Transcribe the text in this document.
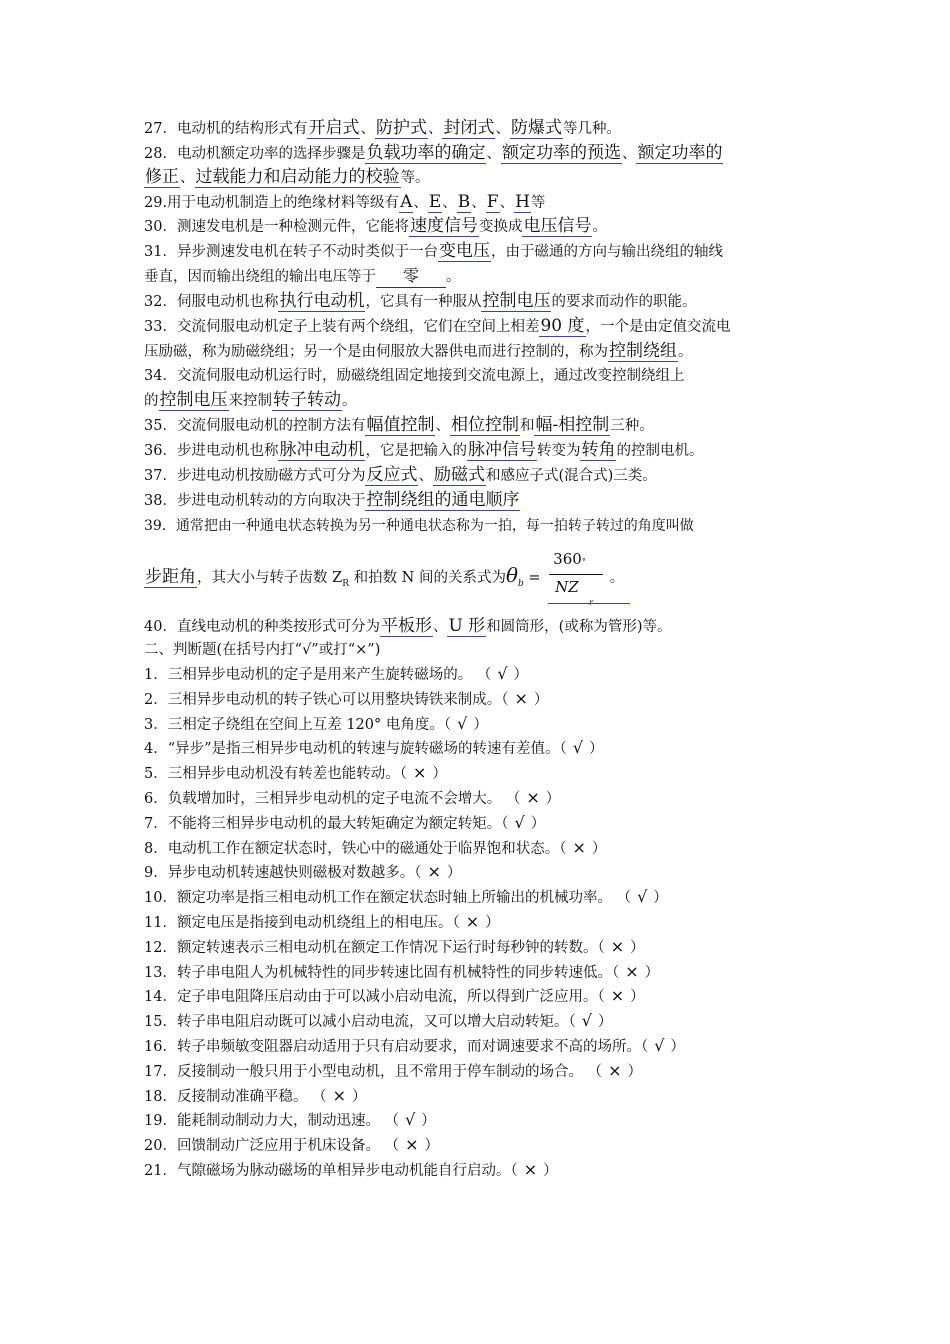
27．电动机的结构形式有开启式、防护式、封闭式、防爆式等几种。
28．电动机额定功率的选择步骤是负载功率的确定、额定功率的预选、额定功率的
修正、过载能力和启动能力的校验等。
29.用于电动机制造上的绝缘材料等级有A、E、B、F、H等
30．测速发电机是一种检测元件，它能将速度信号变换成电压信号。
31．异步测速发电机在转子不动时类似于一台变电压，由于磁通的方向与输出绕组的轴线
垂直，因而输出绕组的输出电压等于 零 。
32．伺服电动机也称执行电动机，它具有一种服从控制电压的要求而动作的职能。
33．交流伺服电动机定子上装有两个绕组，它们在空间上相差90 度，一个是由定值交流电
压励磁，称为励磁绕组；另一个是由伺服放大器供电而进行控制的，称为控制绕组。
34．交流伺服电动机运行时，励磁绕组固定地接到交流电源上，通过改变控制绕组上
的控制电压来控制转子转动。
35．交流伺服电动机的控制方法有幅值控制、相位控制和幅-相控制三种。
36．步进电动机也称脉冲电动机，它是把输入的脉冲信号转变为转角的控制电机。
37．步进电动机按励磁方式可分为反应式、励磁式和感应子式(混合式)三类。
38．步进电动机转动的方向取决于控制绕组的通电顺序
39．通常把由一种通电状态转换为另一种通电状态称为一拍，每一拍转子转过的角度叫做
步距角，其大小与转子齿数 $Z_R$ 和拍数 N 间的关系式为$\theta_b$ =
360°
NZ
r
。
40．直线电动机的种类按形式可分为平板形、U 形和圆筒形，(或称为管形)等。
二、判断题(在括号内打“√”或打“×”)
1．三相异步电动机的定子是用来产生旋转磁场的。 （ √ ）
2．三相异步电动机的转子铁心可以用整块铸铁来制成。（ × ）
3．三相定子绕组在空间上互差 120° 电角度。（ √ ）
4．“异步”是指三相异步电动机的转速与旋转磁场的转速有差值。（ √ ）
5．三相异步电动机没有转差也能转动。（ × ）
6．负载增加时，三相异步电动机的定子电流不会增大。 （ × ）
7．不能将三相异步电动机的最大转矩确定为额定转矩。（ √ ）
8．电动机工作在额定状态时，铁心中的磁通处于临界饱和状态。（ × ）
9．异步电动机转速越快则磁极对数越多。（ × ）
10．额定功率是指三相电动机工作在额定状态时轴上所输出的机械功率。 （ √ ）
11．额定电压是指接到电动机绕组上的相电压。（ × ）
12．额定转速表示三相电动机在额定工作情况下运行时每秒钟的转数。（ × ）
13．转子串电阻人为机械特性的同步转速比固有机械特性的同步转速低。（ × ）
14．定子串电阻降压启动由于可以减小启动电流，所以得到广泛应用。（ × ）
15．转子串电阻启动既可以减小启动电流，又可以增大启动转矩。（ √ ）
16．转子串频敏变阻器启动适用于只有启动要求，而对调速要求不高的场所。（ √ ）
17．反接制动一般只用于小型电动机，且不常用于停车制动的场合。 （ × ）
18．反接制动准确平稳。 （ × ）
19．能耗制动制动力大，制动迅速。 （ √ ）
20．回馈制动广泛应用于机床设备。 （ × ）
21．气隙磁场为脉动磁场的单相异步电动机能自行启动。（ × ）
